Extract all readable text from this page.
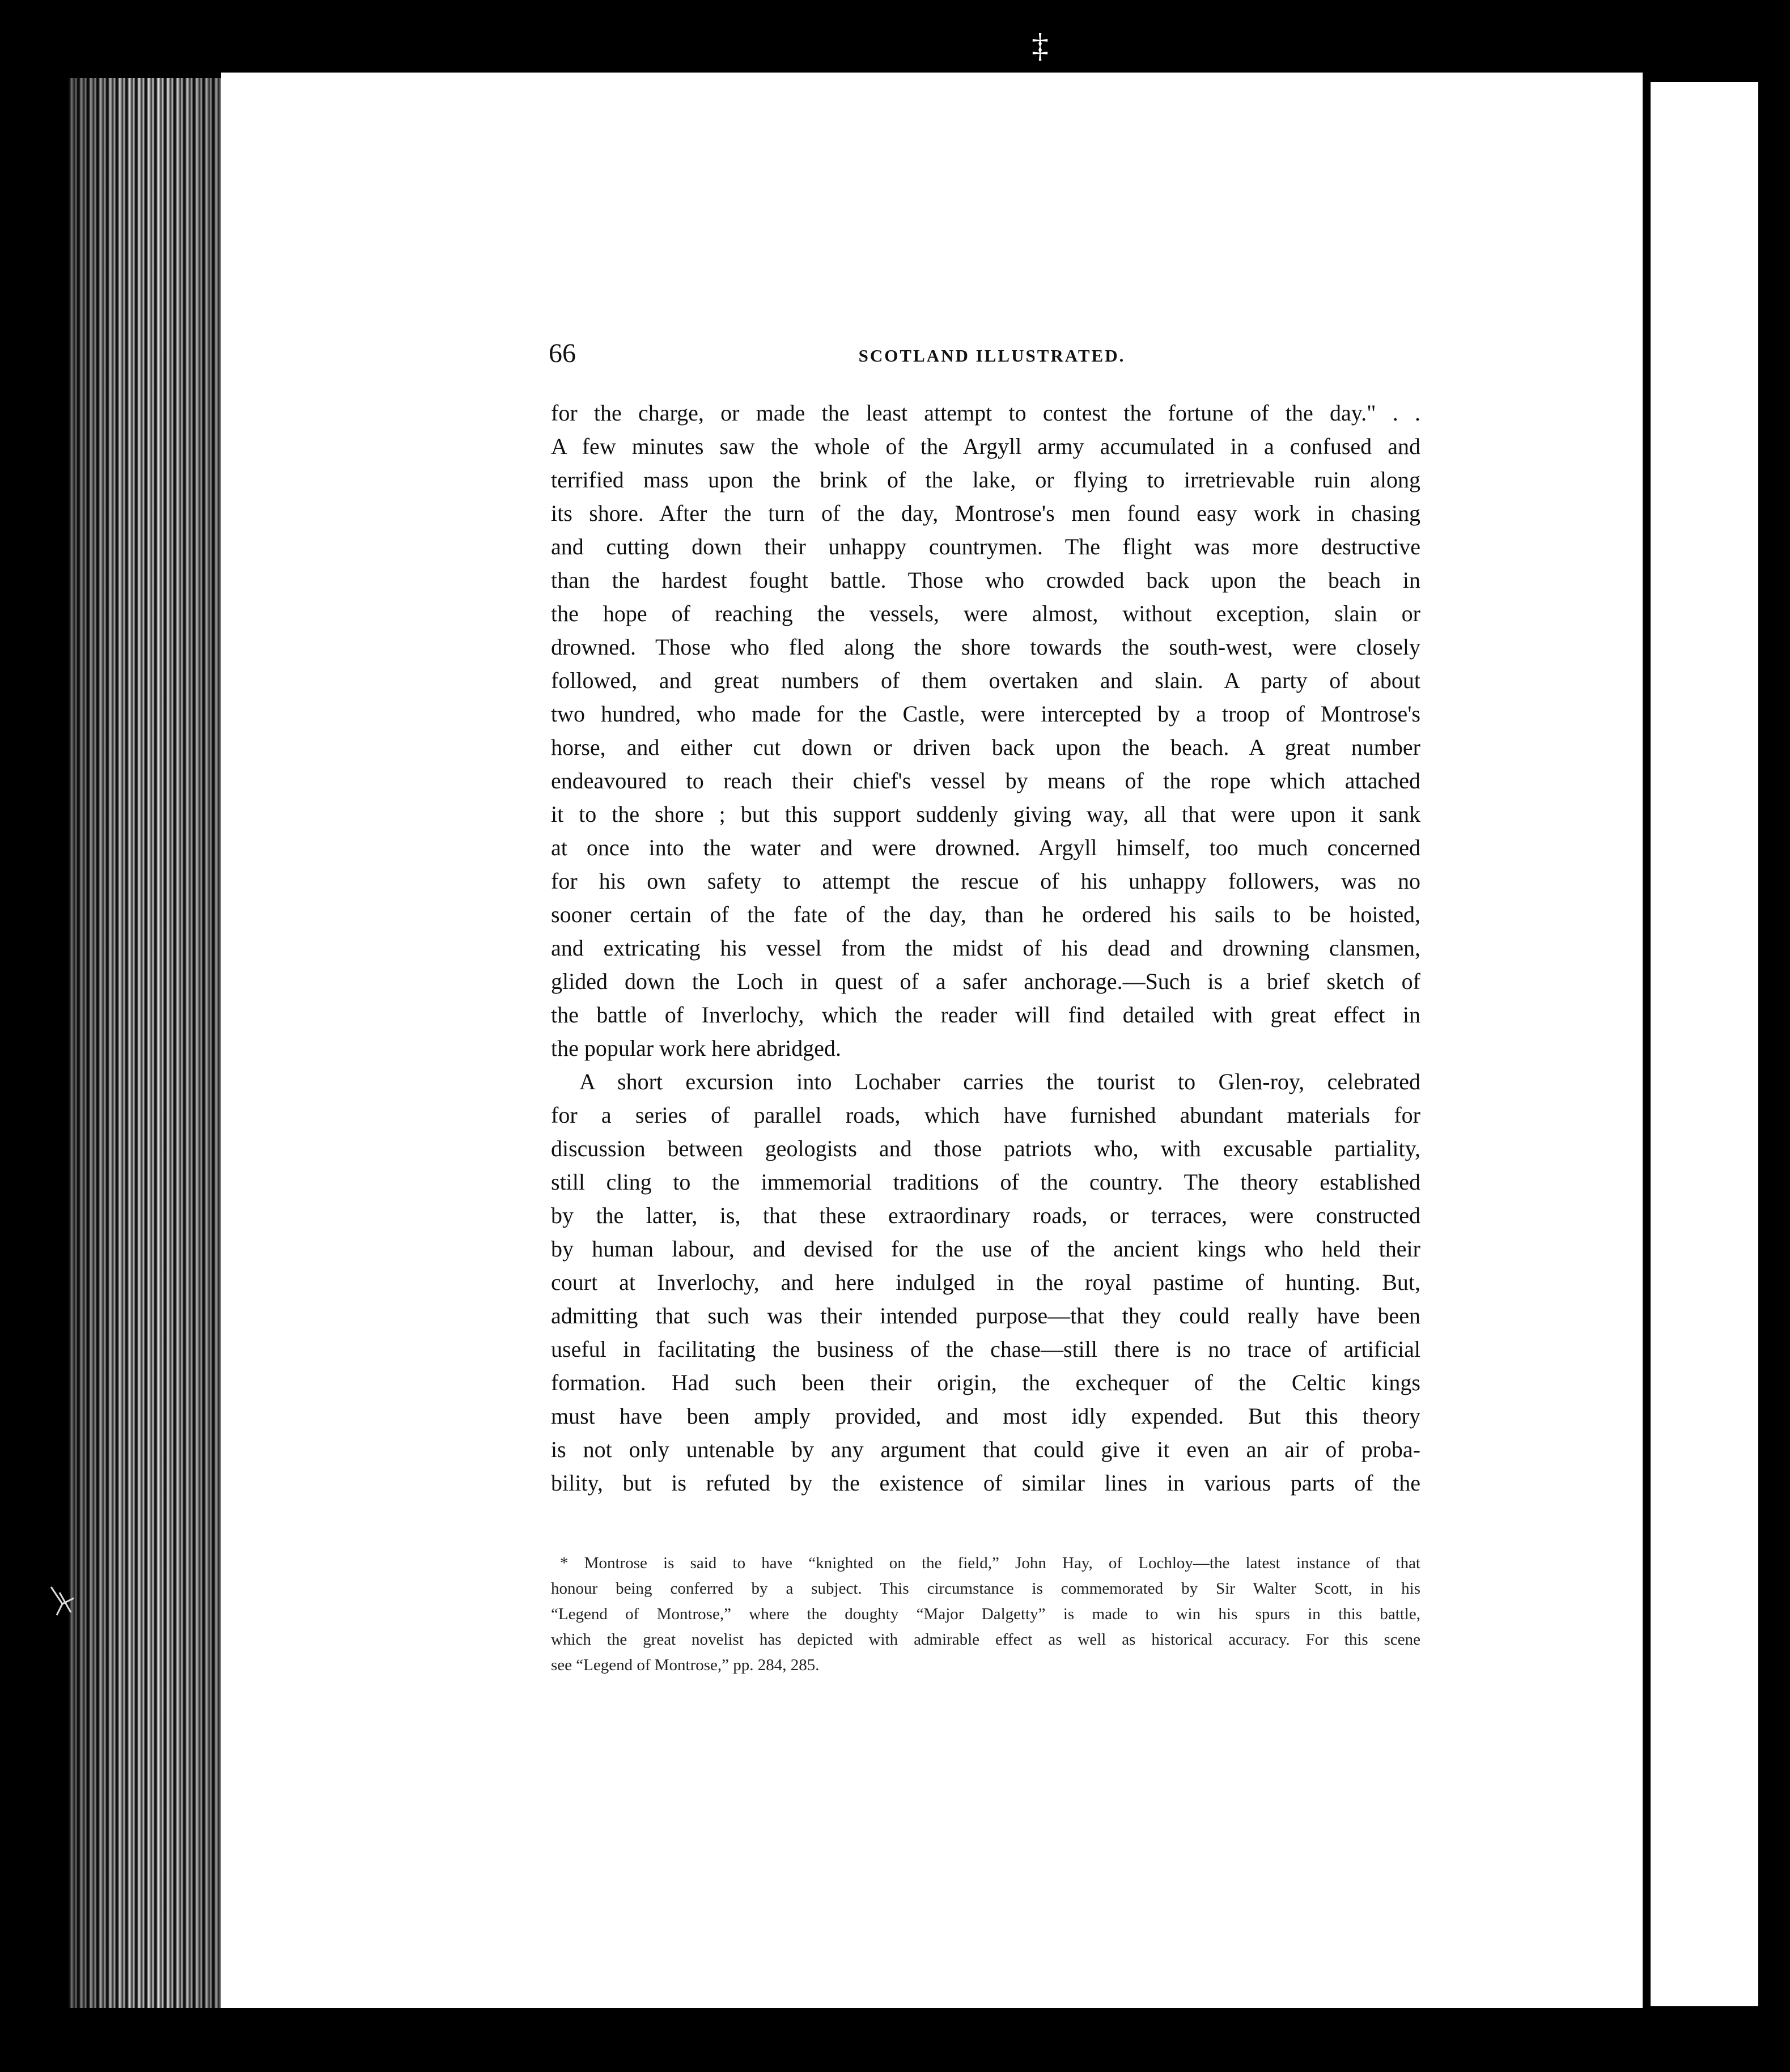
‡
66	SCOTLAND ILLUSTRATED.
for the charge, or made the least attempt to contest the fortune of the day." . .
A few minutes saw the whole of the Argyll army accumulated in a confused and
terrified mass upon the brink of the lake, or flying to irretrievable ruin along
its shore. After the turn of the day, Montrose's men found easy work in chasing
and cutting down their unhappy countrymen. The flight was more destructive
than the hardest fought battle. Those who crowded back upon the beach in
the hope of reaching the vessels, were almost, without exception, slain or
drowned. Those who fled along the shore towards the south-west, were closely
followed, and great numbers of them overtaken and slain. A party of about
two hundred, who made for the Castle, were intercepted by a troop of Montrose's
horse, and either cut down or driven back upon the beach. A great number
endeavoured to reach their chief's vessel by means of the rope which attached
it to the shore ; but this support suddenly giving way, all that were upon it sank
at once into the water and were drowned. Argyll himself, too much concerned
for his own safety to attempt the rescue of his unhappy followers, was no
sooner certain of the fate of the day, than he ordered his sails to be hoisted,
and extricating his vessel from the midst of his dead and drowning clansmen,
glided down the Loch in quest of a safer anchorage.—Such is a brief sketch of
the battle of Inverlochy, which the reader will find detailed with great effect in
the popular work here abridged.
A short excursion into Lochaber carries the tourist to Glen-roy, celebrated
for a series of parallel roads, which have furnished abundant materials for
discussion between geologists and those patriots who, with excusable partiality,
still cling to the immemorial traditions of the country. The theory established
by the latter, is, that these extraordinary roads, or terraces, were constructed
by human labour, and devised for the use of the ancient kings who held their
court at Inverlochy, and here indulged in the royal pastime of hunting. But,
admitting that such was their intended purpose—that they could really have been
useful in facilitating the business of the chase—still there is no trace of artificial
formation. Had such been their origin, the exchequer of the Celtic kings
must have been amply provided, and most idly expended. But this theory
is not only untenable by any argument that could give it even an air of proba-
bility, but is refuted by the existence of similar lines in various parts of the
* Montrose is said to have “knighted on the field,” John Hay, of Lochloy—the latest instance of that
honour being conferred by a subject. This circumstance is commemorated by Sir Walter Scott, in his
“Legend of Montrose,” where the doughty “Major Dalgetty” is made to win his spurs in this battle,
which the great novelist has depicted with admirable effect as well as historical accuracy. For this scene
see “Legend of Montrose,” pp. 284, 285.
